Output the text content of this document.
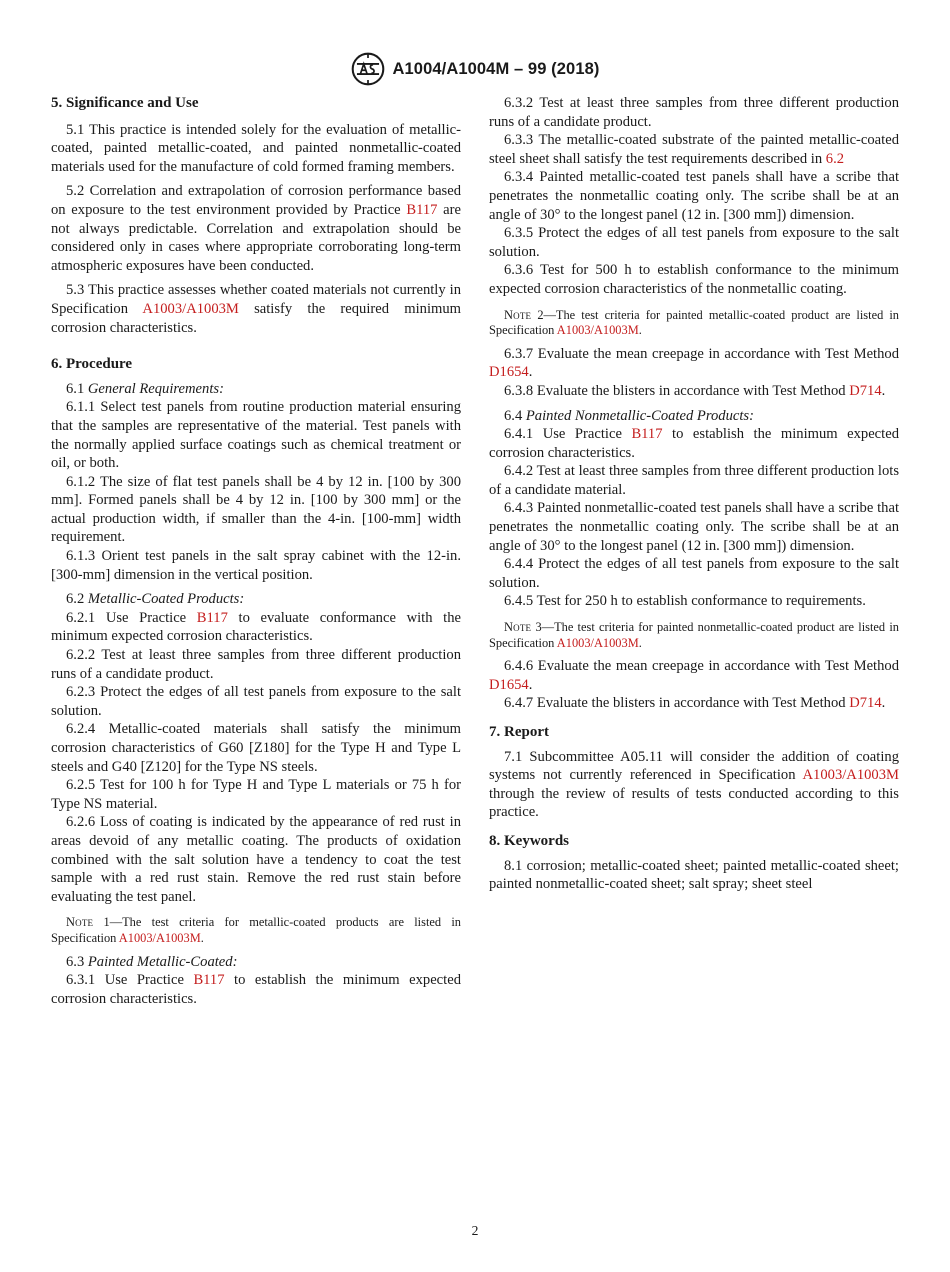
A1004/A1004M – 99 (2018)

5. Significance and Use

5.1 This practice is intended solely for the evaluation of metallic-coated, painted metallic-coated, and painted nonmetallic-coated materials used for the manufacture of cold formed framing members.

5.2 Correlation and extrapolation of corrosion performance based on exposure to the test environment provided by Practice B117 are not always predictable. Correlation and extrapolation should be considered only in cases where appropriate corroborating long-term atmospheric exposures have been conducted.

5.3 This practice assesses whether coated materials not currently in Specification A1003/A1003M satisfy the required minimum corrosion characteristics.

6. Procedure

6.1 General Requirements:

6.1.1 Select test panels from routine production material ensuring that the samples are representative of the material. Test panels with the normally applied surface coatings such as chemical treatment or oil, or both.

6.1.2 The size of flat test panels shall be 4 by 12 in. [100 by 300 mm]. Formed panels shall be 4 by 12 in. [100 by 300 mm] or the actual production width, if smaller than the 4-in. [100-mm] width requirement.

6.1.3 Orient test panels in the salt spray cabinet with the 12-in. [300-mm] dimension in the vertical position.

6.2 Metallic-Coated Products:

6.2.1 Use Practice B117 to evaluate conformance with the minimum expected corrosion characteristics.

6.2.2 Test at least three samples from three different production runs of a candidate product.

6.2.3 Protect the edges of all test panels from exposure to the salt solution.

6.2.4 Metallic-coated materials shall satisfy the minimum corrosion characteristics of G60 [Z180] for the Type H and Type L steels and G40 [Z120] for the Type NS steels.

6.2.5 Test for 100 h for Type H and Type L materials or 75 h for Type NS material.

6.2.6 Loss of coating is indicated by the appearance of red rust in areas devoid of any metallic coating. The products of oxidation combined with the salt solution have a tendency to coat the test sample with a red rust stain. Remove the red rust stain before evaluating the test panel.

Note 1—The test criteria for metallic-coated products are listed in Specification A1003/A1003M.

6.3 Painted Metallic-Coated:

6.3.1 Use Practice B117 to establish the minimum expected corrosion characteristics.

6.3.2 Test at least three samples from three different production runs of a candidate product.

6.3.3 The metallic-coated substrate of the painted metallic-coated steel sheet shall satisfy the test requirements described in 6.2

6.3.4 Painted metallic-coated test panels shall have a scribe that penetrates the nonmetallic coating only. The scribe shall be at an angle of 30° to the longest panel (12 in. [300 mm]) dimension.

6.3.5 Protect the edges of all test panels from exposure to the salt solution.

6.3.6 Test for 500 h to establish conformance to the minimum expected corrosion characteristics of the nonmetallic coating.

Note 2—The test criteria for painted metallic-coated product are listed in Specification A1003/A1003M.

6.3.7 Evaluate the mean creepage in accordance with Test Method D1654.

6.3.8 Evaluate the blisters in accordance with Test Method D714.

6.4 Painted Nonmetallic-Coated Products:

6.4.1 Use Practice B117 to establish the minimum expected corrosion characteristics.

6.4.2 Test at least three samples from three different production lots of a candidate material.

6.4.3 Painted nonmetallic-coated test panels shall have a scribe that penetrates the nonmetallic coating only. The scribe shall be at an angle of 30° to the longest panel (12 in. [300 mm]) dimension.

6.4.4 Protect the edges of all test panels from exposure to the salt solution.

6.4.5 Test for 250 h to establish conformance to requirements.

Note 3—The test criteria for painted nonmetallic-coated product are listed in Specification A1003/A1003M.

6.4.6 Evaluate the mean creepage in accordance with Test Method D1654.

6.4.7 Evaluate the blisters in accordance with Test Method D714.

7. Report

7.1 Subcommittee A05.11 will consider the addition of coating systems not currently referenced in Specification A1003/A1003M through the review of results of tests conducted according to this practice.

8. Keywords

8.1 corrosion; metallic-coated sheet; painted metallic-coated sheet; painted nonmetallic-coated sheet; salt spray; sheet steel

2
